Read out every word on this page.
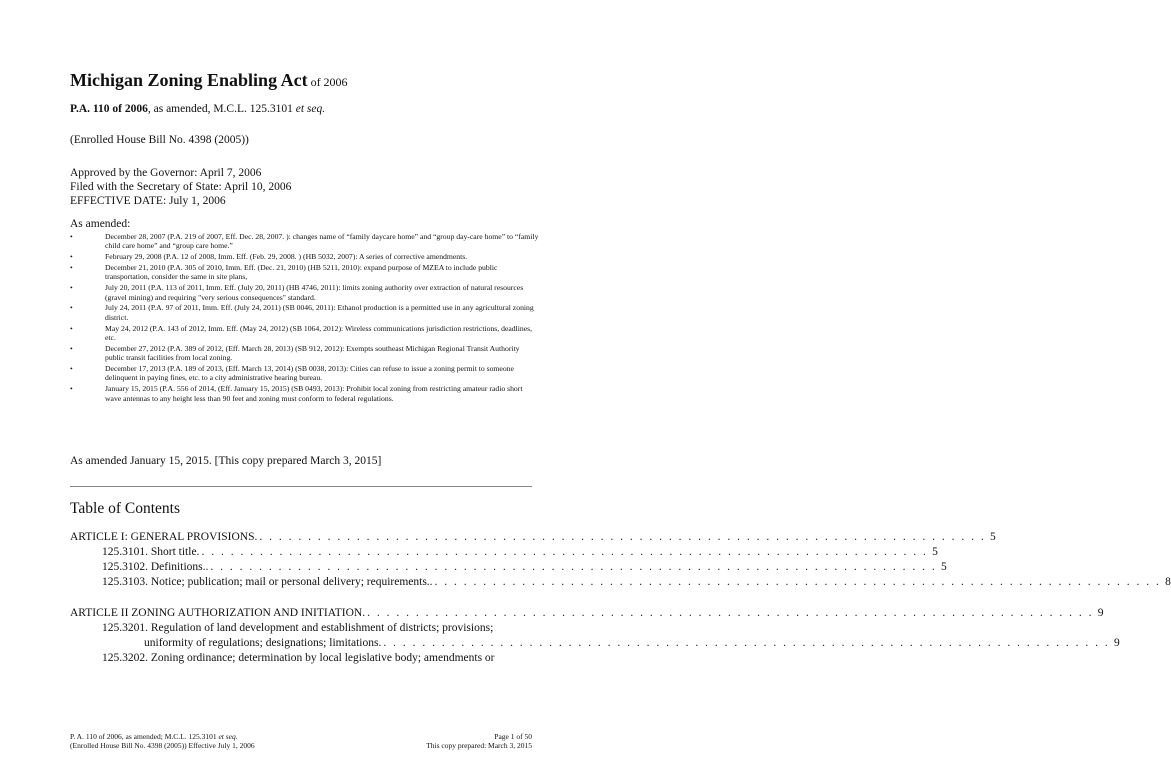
Michigan Zoning Enabling Act of 2006
P.A. 110 of 2006, as amended, M.C.L. 125.3101 et seq.
(Enrolled House Bill No. 4398 (2005))
Approved by the Governor: April 7, 2006
Filed with the Secretary of State: April 10, 2006
EFFECTIVE DATE: July 1, 2006
As amended:
•	December 28, 2007 (P.A. 219 of 2007, Eff. Dec. 28, 2007. ): changes name of “family daycare home” and “group day-care home” to “family child care home” and “group care home.”
•	February 29, 2008 (P.A. 12 of 2008, Imm. Eff. (Feb. 29, 2008. ) (HB 5032, 2007): A series of corrective amendments.
•	December 21, 2010 (P.A. 305 of 2010, Imm. Eff. (Dec. 21, 2010) (HB 5211, 2010): expand purpose of MZEA to include public transportation, consider the same in site plans,
•	July 20, 2011 (P.A. 113 of 2011, Imm. Eff. (July 20, 2011) (HB 4746, 2011): limits zoning authority over extraction of natural resources (gravel mining) and requiring "very serious consequences" standard.
•	July 24, 2011 (P.A. 97 of 2011, Imm. Eff. (July 24, 2011) (SB 0046, 2011): Ethanol production is a permitted use in any agricultural zoning district.
•	May 24, 2012 (P.A. 143 of 2012, Imm. Eff. (May 24, 2012) (SB 1064, 2012): Wireless communications jurisdiction restrictions, deadlines, etc.
•	December 27, 2012 (P.A. 389 of 2012, (Eff. March 28, 2013) (SB 912, 2012): Exempts southeast Michigan Regional Transit Authority public transit facilities from local zoning.
•	December 17, 2013 (P.A. 189 of 2013, (Eff. March 13, 2014) (SB 0038, 2013): Cities can refuse to issue a zoning permit to someone delinquent in paying fines, etc. to a city administrative hearing bureau.
•	January 15, 2015 (P.A. 556 of 2014, (Eff. January 15, 2015) (SB 0493, 2013): Prohibit local zoning from restricting amateur radio short wave antennas to any height less than 90 feet and zoning must conform to federal regulations.
As amended January 15, 2015. [This copy prepared March 3, 2015]
Table of Contents
ARTICLE I: GENERAL PROVISIONS. . . . . . . . . . . . . . . . . . . . . . . . . . . . . . . . . . . . . . . . . . . . . . . . . . . . . . . . . . . . . . . . . . . . . . . . . . . . 5
125.3101. Short title. . . . . . . . . . . . . . . . . . . . . . . . . . . . . . . . . . . . . . . . . . . . . . . . . . . . . . . . . . . . . . . . . . . . . . . . . . . . 5
125.3102. Definitions.. . . . . . . . . . . . . . . . . . . . . . . . . . . . . . . . . . . . . . . . . . . . . . . . . . . . . . . . . . . . . . . . . . . . . . . . . . . . 5
125.3103. Notice; publication; mail or personal delivery; requirements.. . . . . . . . . . . . . . . . . . . . . . . . . . . . . . . . . . . . . . . . . . . . . . . . . . . . . . . . . . . . . . . . . . . . . . . . . . . . 8
ARTICLE II ZONING AUTHORIZATION AND INITIATION. . . . . . . . . . . . . . . . . . . . . . . . . . . . . . . . . . . . . . . . . . . . . . . . . . . . . . . . . . . . . . . . . . . . . . . . . . . . 9
125.3201. Regulation of land development and establishment of districts; provisions;
uniformity of regulations; designations; limitations. . . . . . . . . . . . . . . . . . . . . . . . . . . . . . . . . . . . . . . . . . . . . . . . . . . . . . . . . . . . . . . . . . . . . . . . . . . . 9
125.3202. Zoning ordinance; determination by local legislative body; amendments or
P. A. 110 of 2006, as amended; M.C.L. 125.3101 et seq.
(Enrolled House Bill No. 4398 (2005)) Effective July 1, 2006
Page 1 of 50
This copy prepared: March 3, 2015
